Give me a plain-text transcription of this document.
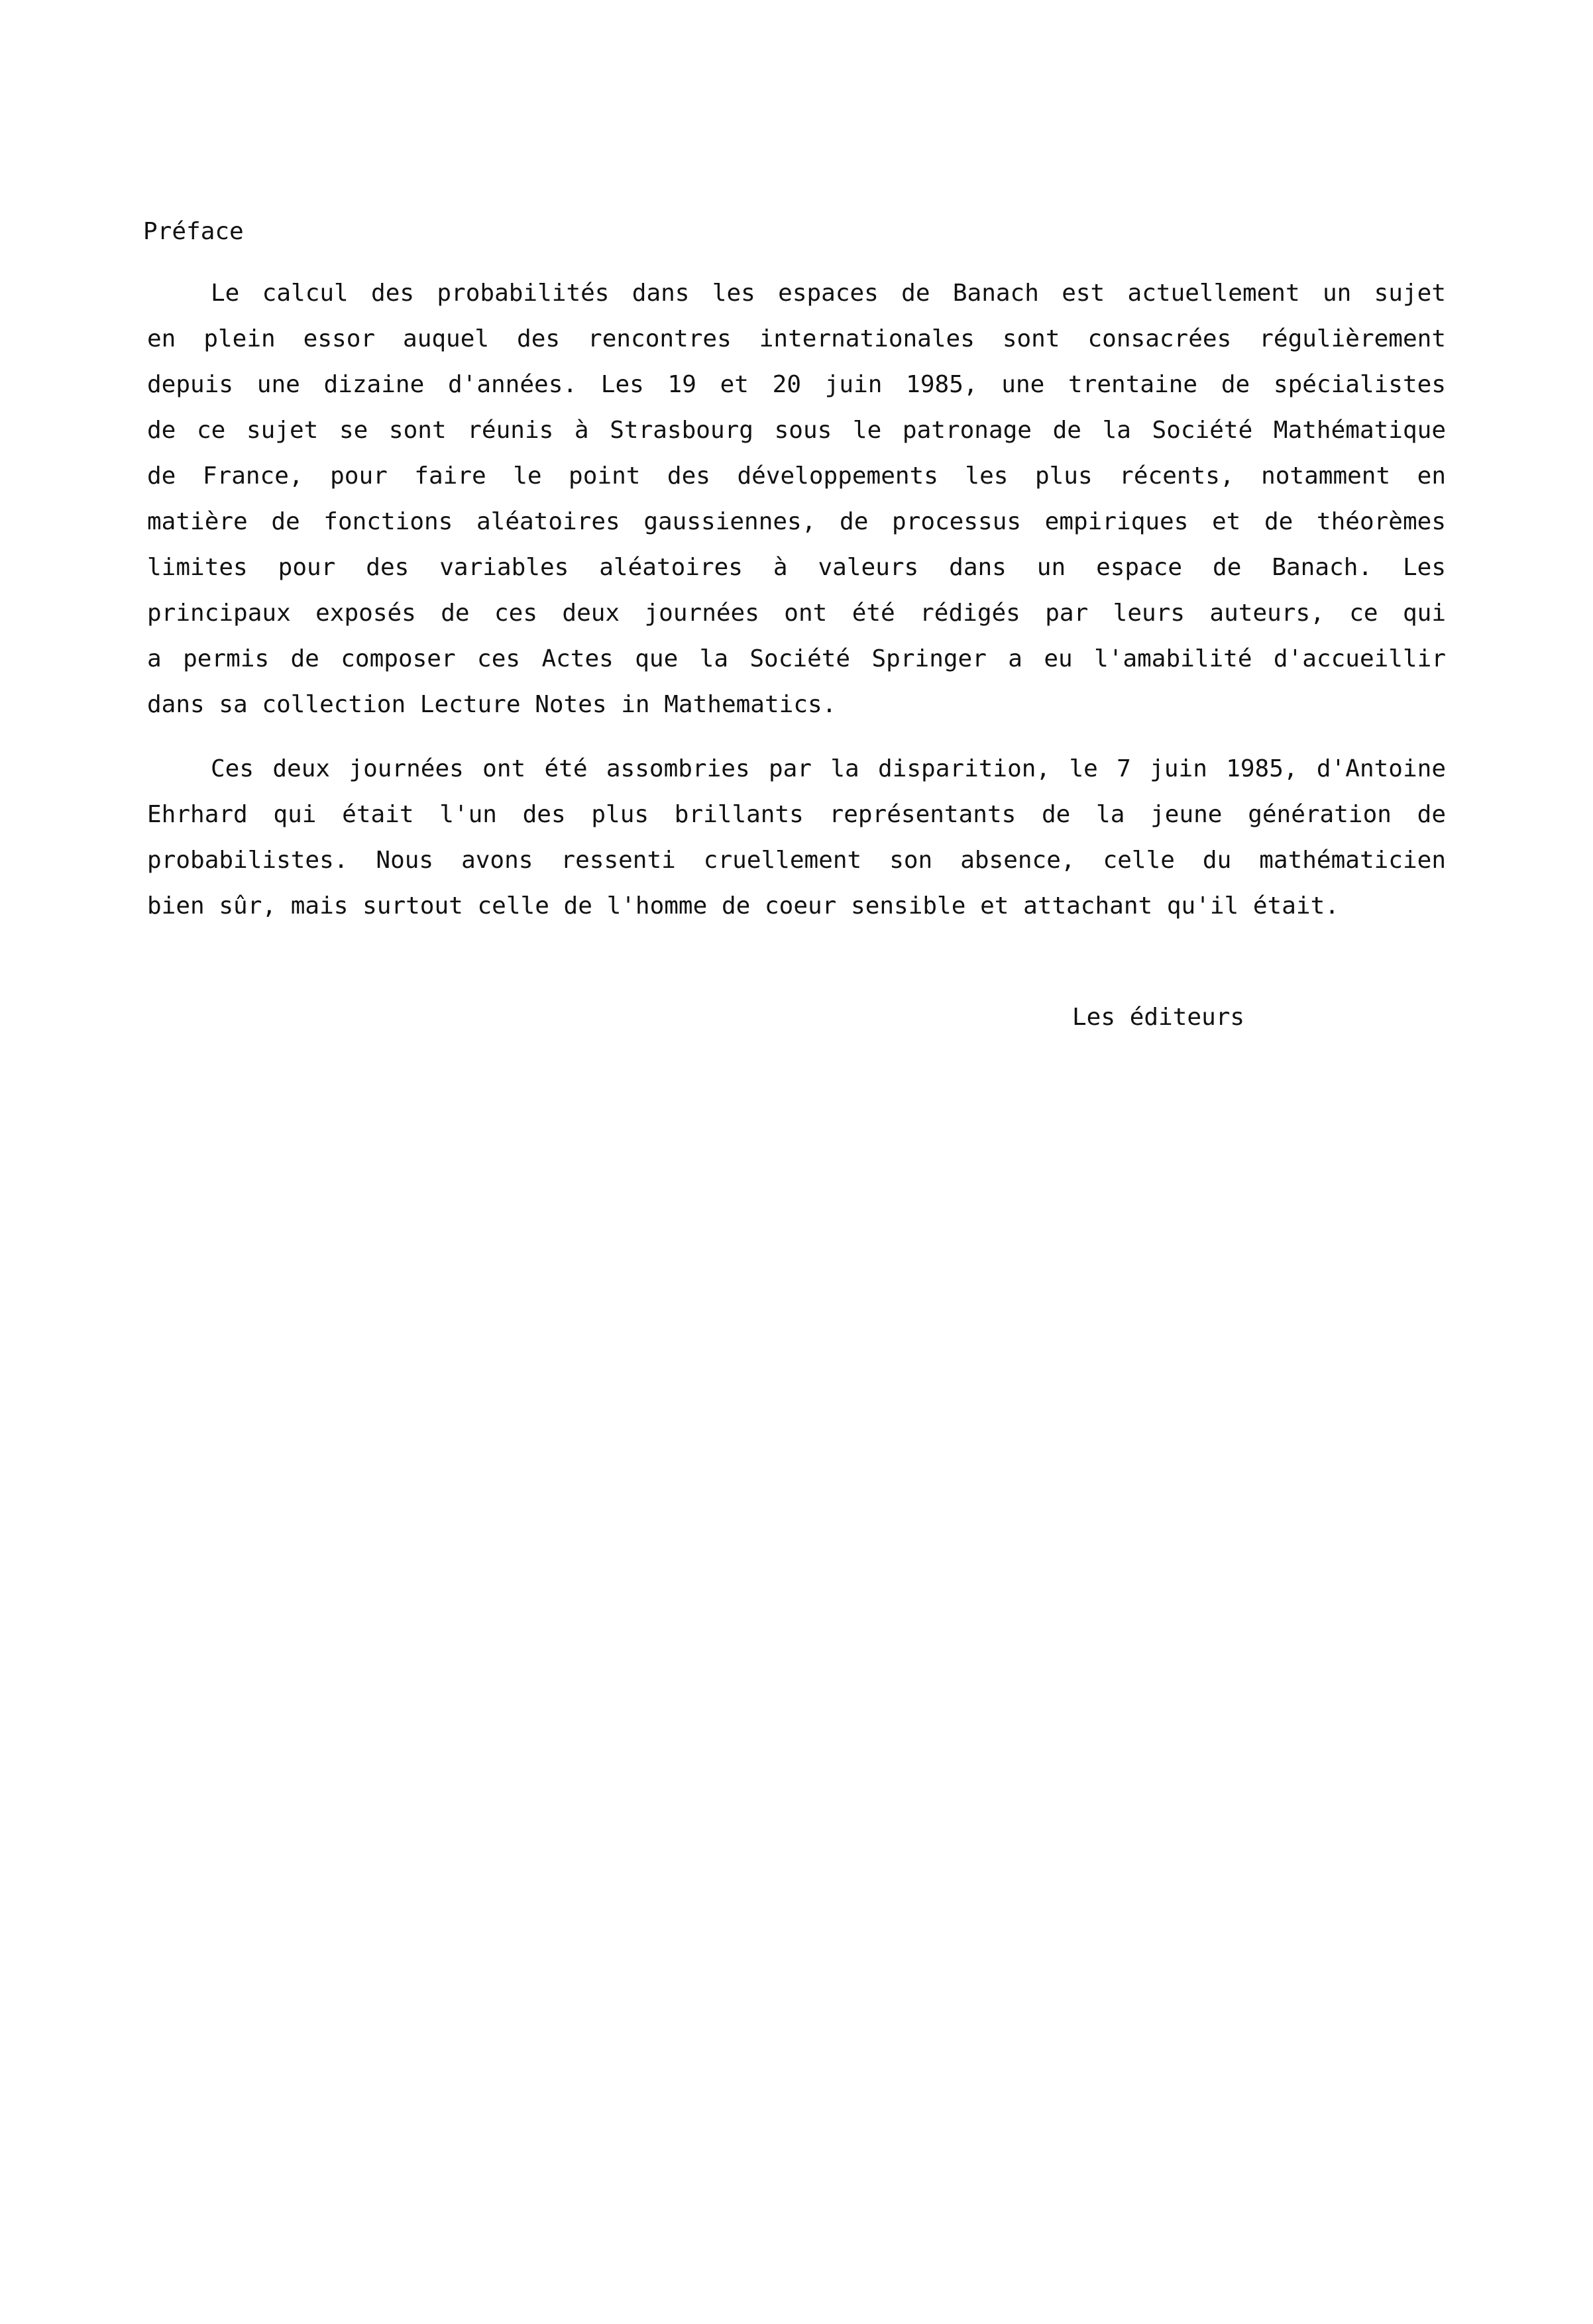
Préface
Le calcul des probabilités dans les espaces de Banach est actuellement un sujet
en plein essor auquel des rencontres internationales sont consacrées régulièrement
depuis une dizaine d'années. Les 19 et 20 juin 1985, une trentaine de spécialistes
de ce sujet se sont réunis à Strasbourg sous le patronage de la Société Mathématique
de France, pour faire le point des développements les plus récents, notamment en
matière de fonctions aléatoires gaussiennes, de processus empiriques et de théorèmes
limites pour des variables aléatoires à valeurs dans un espace de Banach. Les
principaux exposés de ces deux journées ont été rédigés par leurs auteurs, ce qui
a permis de composer ces Actes que la Société Springer a eu l'amabilité d'accueillir
dans sa collection Lecture Notes in Mathematics.
Ces deux journées ont été assombries par la disparition, le 7 juin 1985, d'Antoine
Ehrhard qui était l'un des plus brillants représentants de la jeune génération de
probabilistes. Nous avons ressenti cruellement son absence, celle du mathématicien
bien sûr, mais surtout celle de l'homme de coeur sensible et attachant qu'il était.
Les éditeurs
